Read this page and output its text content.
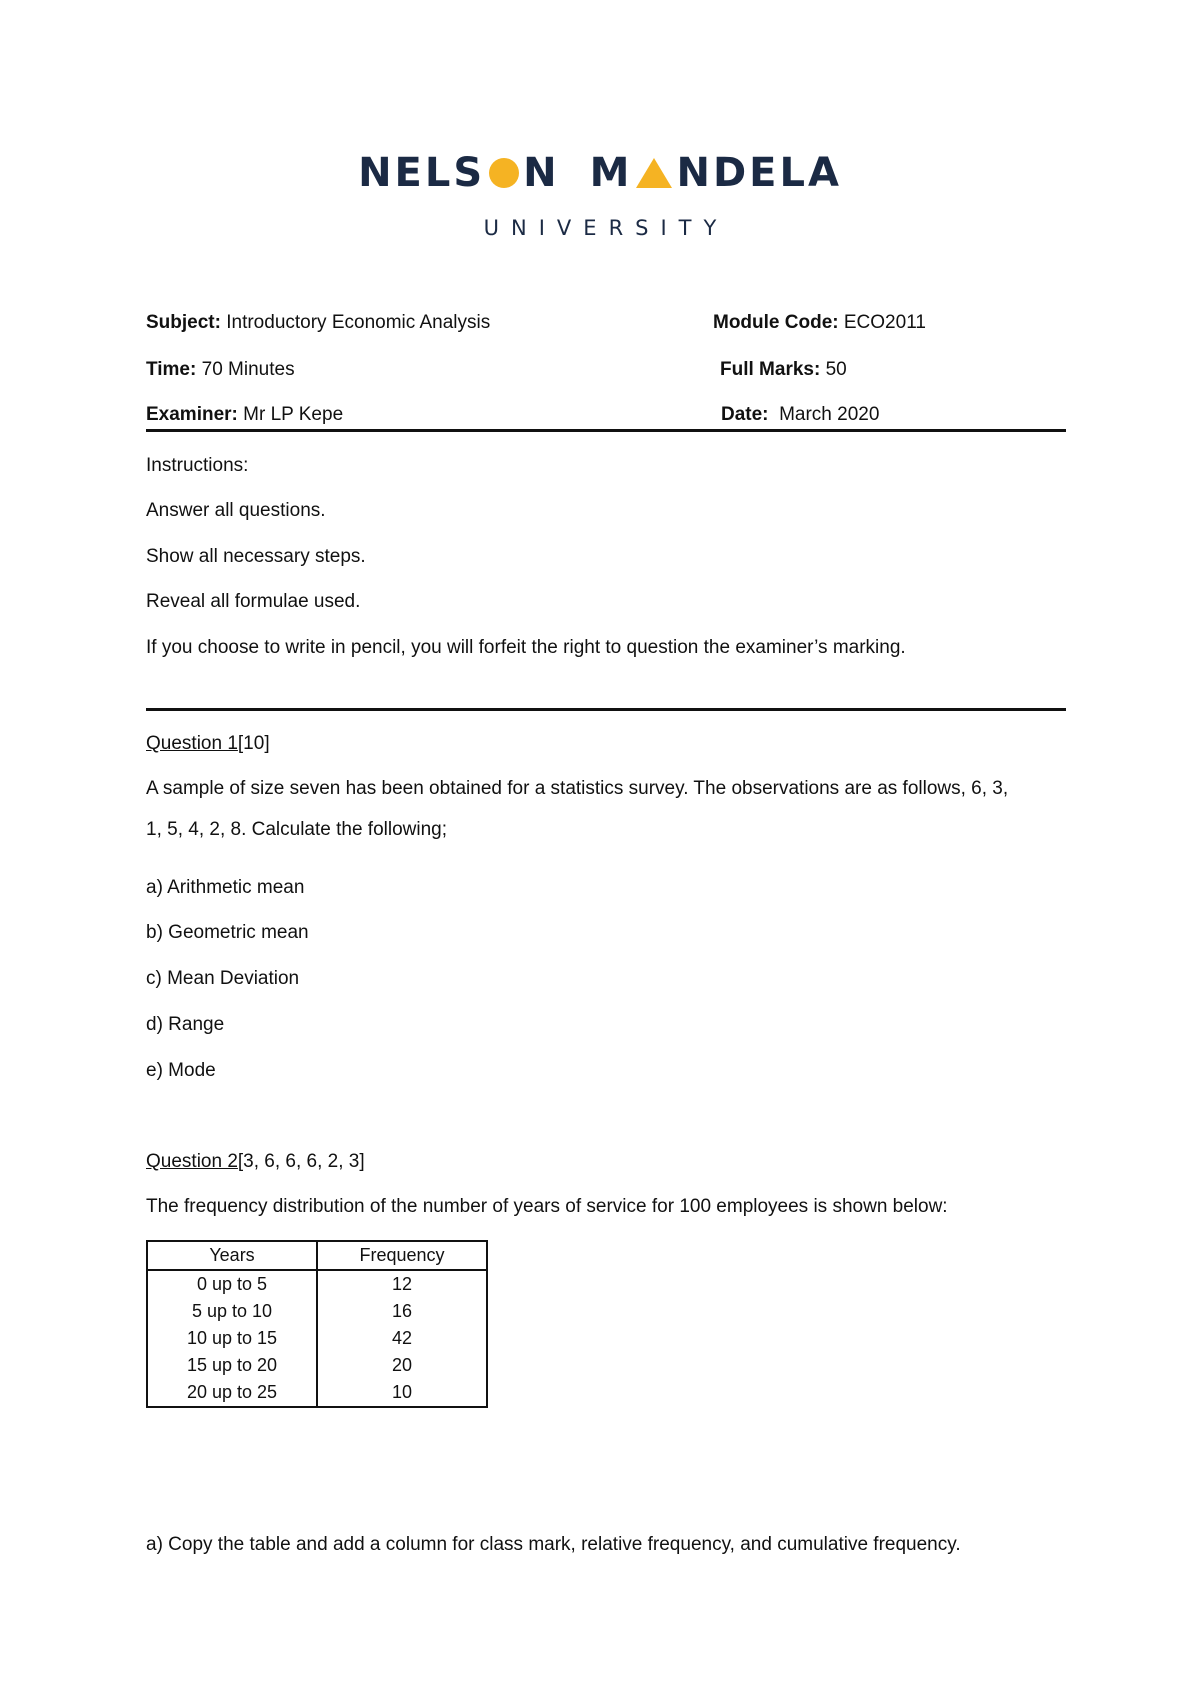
NELS N M NDELA
UNIVERSITY
Subject: Introductory Economic Analysis	Module Code: ECO2011
Time: 70 Minutes	Full Marks: 50
Examiner: Mr LP Kepe	Date:  March 2020
Instructions:
Answer all questions.
Show all necessary steps.
Reveal all formulae used.
If you choose to write in pencil, you will forfeit the right to question the examiner’s marking.
Question 1[10]
A sample of size seven has been obtained for a statistics survey. The observations are as follows, 6, 3,
1, 5, 4, 2, 8. Calculate the following;
a) Arithmetic mean
b) Geometric mean
c) Mean Deviation
d) Range
e) Mode
Question 2[3, 6, 6, 6, 2, 3]
The frequency distribution of the number of years of service for 100 employees is shown below:
Years	Frequency
0 up to 5	12
5 up to 10	16
10 up to 15	42
15 up to 20	20
20 up to 25	10
a) Copy the table and add a column for class mark, relative frequency, and cumulative frequency.
